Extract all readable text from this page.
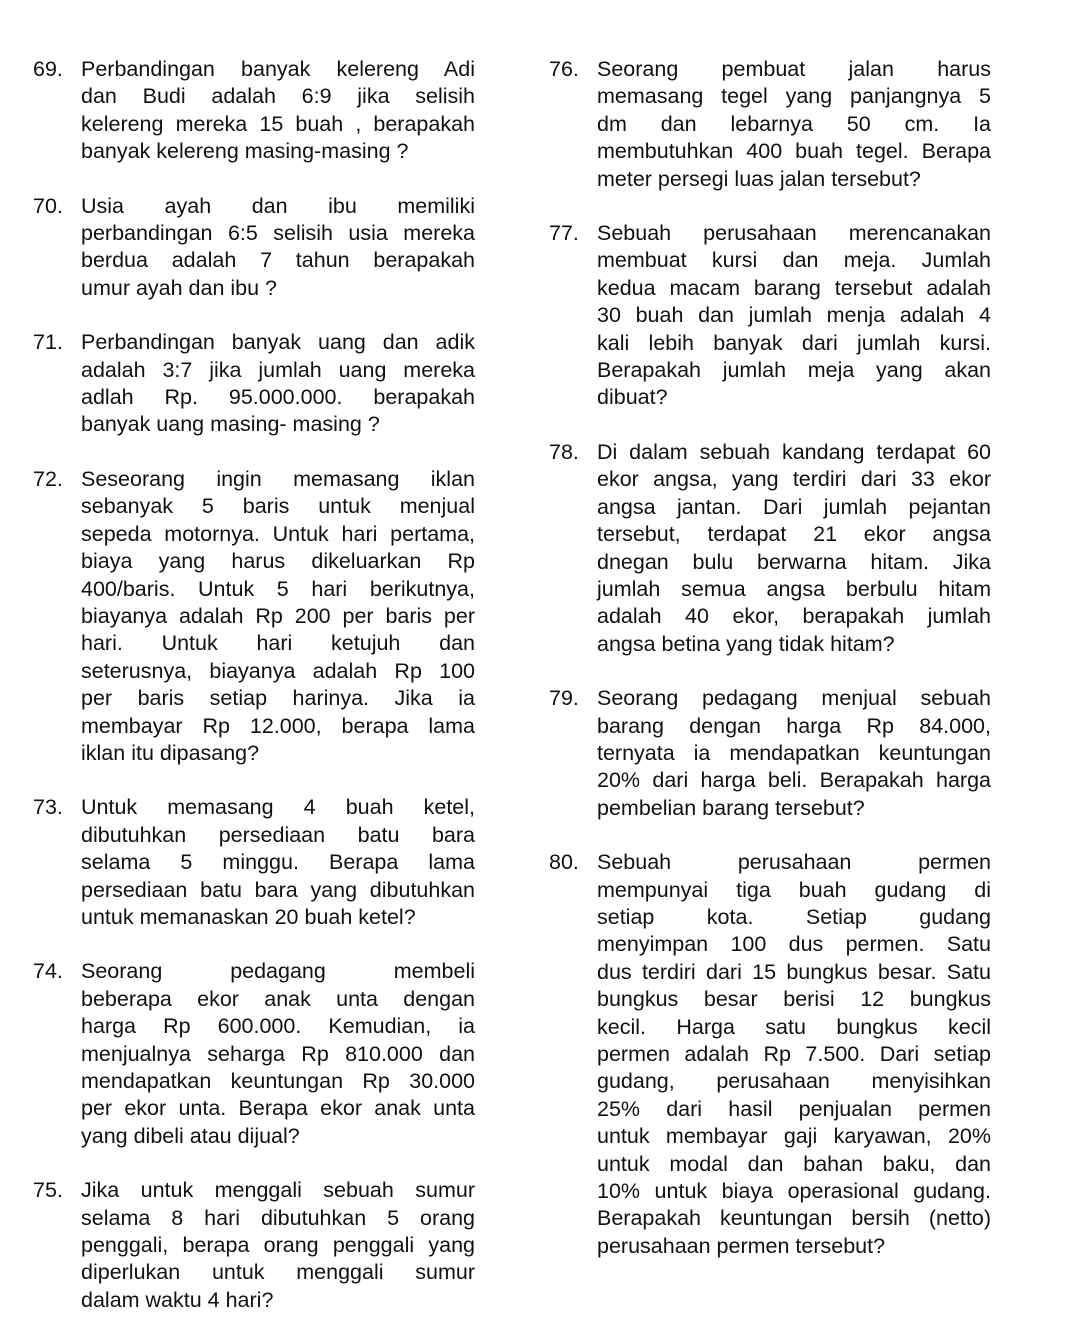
69. Perbandingan banyak kelereng Adi
dan Budi adalah 6:9 jika selisih
kelereng mereka 15 buah , berapakah
banyak kelereng masing-masing ?
70. Usia ayah dan ibu memiliki
perbandingan 6:5 selisih usia mereka
berdua adalah 7 tahun berapakah
umur ayah dan ibu ?
71. Perbandingan banyak uang dan adik
adalah 3:7 jika jumlah uang mereka
adlah Rp. 95.000.000. berapakah
banyak uang masing- masing ?
72. Seseorang ingin memasang iklan
sebanyak 5 baris untuk menjual
sepeda motornya. Untuk hari pertama,
biaya yang harus dikeluarkan Rp
400/baris. Untuk 5 hari berikutnya,
biayanya adalah Rp 200 per baris per
hari. Untuk hari ketujuh dan
seterusnya, biayanya adalah Rp 100
per baris setiap harinya. Jika ia
membayar Rp 12.000, berapa lama
iklan itu dipasang?
73. Untuk memasang 4 buah ketel,
dibutuhkan persediaan batu bara
selama 5 minggu. Berapa lama
persediaan batu bara yang dibutuhkan
untuk memanaskan 20 buah ketel?
74. Seorang pedagang membeli
beberapa ekor anak unta dengan
harga Rp 600.000. Kemudian, ia
menjualnya seharga Rp 810.000 dan
mendapatkan keuntungan Rp 30.000
per ekor unta. Berapa ekor anak unta
yang dibeli atau dijual?
75. Jika untuk menggali sebuah sumur
selama 8 hari dibutuhkan 5 orang
penggali, berapa orang penggali yang
diperlukan untuk menggali sumur
dalam waktu 4 hari?
76. Seorang pembuat jalan harus
memasang tegel yang panjangnya 5
dm dan lebarnya 50 cm. Ia
membutuhkan 400 buah tegel. Berapa
meter persegi luas jalan tersebut?
77. Sebuah perusahaan merencanakan
membuat kursi dan meja. Jumlah
kedua macam barang tersebut adalah
30 buah dan jumlah menja adalah 4
kali lebih banyak dari jumlah kursi.
Berapakah jumlah meja yang akan
dibuat?
78. Di dalam sebuah kandang terdapat 60
ekor angsa, yang terdiri dari 33 ekor
angsa jantan. Dari jumlah pejantan
tersebut, terdapat 21 ekor angsa
dnegan bulu berwarna hitam. Jika
jumlah semua angsa berbulu hitam
adalah 40 ekor, berapakah jumlah
angsa betina yang tidak hitam?
79. Seorang pedagang menjual sebuah
barang dengan harga Rp 84.000,
ternyata ia mendapatkan keuntungan
20% dari harga beli. Berapakah harga
pembelian barang tersebut?
80. Sebuah perusahaan permen
mempunyai tiga buah gudang di
setiap kota. Setiap gudang
menyimpan 100 dus permen. Satu
dus terdiri dari 15 bungkus besar. Satu
bungkus besar berisi 12 bungkus
kecil. Harga satu bungkus kecil
permen adalah Rp 7.500. Dari setiap
gudang, perusahaan menyisihkan
25% dari hasil penjualan permen
untuk membayar gaji karyawan, 20%
untuk modal dan bahan baku, dan
10% untuk biaya operasional gudang.
Berapakah keuntungan bersih (netto)
perusahaan permen tersebut?
